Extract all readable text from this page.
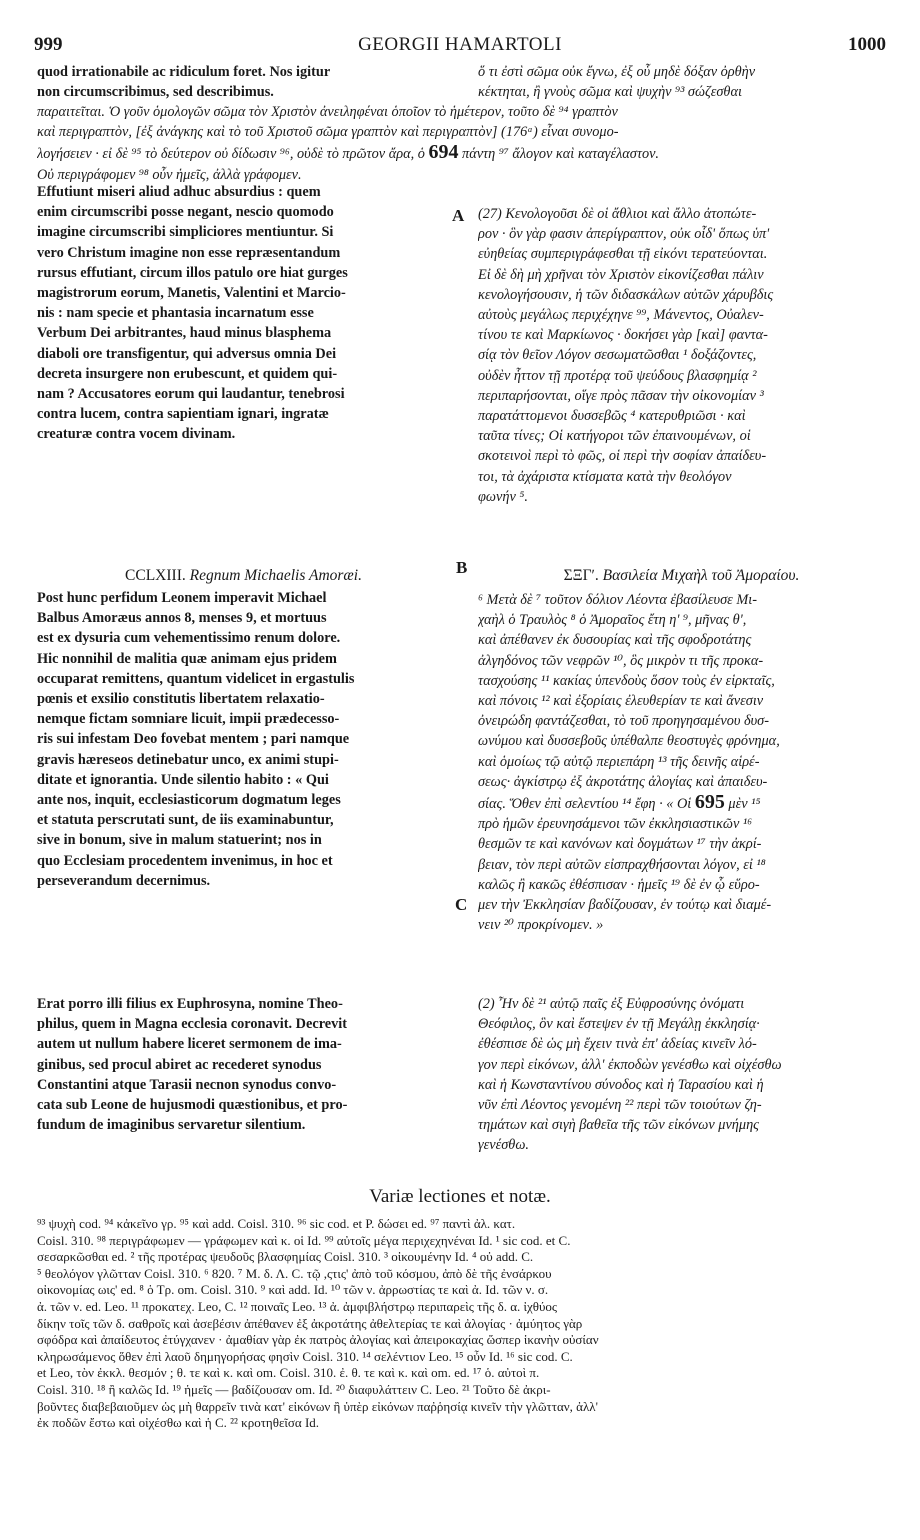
999	GEORGII HAMARTOLI	1000
quod irrationabile ac ridiculum foret. Nos igitur
non circumscribimus, sed describimus.
ὅ τι ἐστὶ σῶμα οὐκ ἔγνω, ἐξ οὗ μηδὲ δόξαν ὀρθὴν
κέκτηται, ἢ γνοὺς σῶμα καὶ ψυχὴν ⁹³ σώζεσθαι
παραιτεῖται. Ὁ γοῦν ὁμολογῶν σῶμα τὸν Χριστὸν ἀνειληφέναι ὁποῖον τὸ ἡμέτερον, τοῦτο δὲ ⁹⁴ γραπτὸν
καὶ περιγραπτὸν, [ἐξ ἀνάγκης καὶ τὸ τοῦ Χριστοῦ σῶμα γραπτὸν καὶ περιγραπτὸν] (176ᵃ) εἶναι συνομο-
λογήσειεν · εἰ δὲ ⁹⁵ τὸ δεύτερον οὐ δίδωσιν ⁹⁶, οὐδὲ τὸ πρῶτον ἄρα, ὁ 694 πάντη ⁹⁷ ἄλογον καὶ καταγέλαστον.
Οὐ περιγράφομεν ⁹⁸ οὖν ἡμεῖς, ἀλλὰ γράφομεν.
Effutiunt miseri aliud adhuc absurdius : quem
enim circumscribi posse negant, nescio quomodo
imagine circumscribi simpliciores mentiuntur. Si
vero Christum imagine non esse repræsentandum
rursus effutiant, circum illos patulo ore hiat gurges
magistrorum eorum, Manetis, Valentini et Marcio-
nis : nam specie et phantasia incarnatum esse
Verbum Dei arbitrantes, haud minus blasphema
diaboli ore transfigentur, qui adversus omnia Dei
decreta insurgere non erubescunt, et quidem qui-
nam ? Accusatores eorum qui laudantur, tenebrosi
contra lucem, contra sapientiam ignari, ingratæ
creaturæ contra vocem divinam.
A (27) Κενολογοῦσι δὲ οἱ ἄθλιοι καὶ ἄλλο ἀτοπώτε-
ρον · ὃν γὰρ φασιν ἀπερίγραπτον, οὐκ οἶδ' ὅπως ὑπ'
εὐηθείας συμπεριγράφεσθαι τῇ εἰκόνι τερατεύονται.
Εἰ δὲ δὴ μὴ χρῆναι τὸν Χριστὸν εἰκονίζεσθαι πάλιν
κενολογήσουσιν, ἡ τῶν διδασκάλων αὐτῶν χάρυβδις
αὐτοὺς μεγάλως περιχέχηνε ⁹⁹, Μάνεντος, Οὐαλεν-
τίνου τε καὶ Μαρκίωνος · δοκήσει γὰρ [καὶ] φαντα-
σίᾳ τὸν θεῖον Λόγον σεσωματῶσθαι ¹ δοξάζοντες,
οὐδὲν ἧττον τῇ προτέρᾳ τοῦ ψεύδους βλασφημίᾳ ²
περιπαρήσονται, οἵγε πρὸς πᾶσαν τὴν οἰκονομίαν ³
παρατάττομενοι δυσσεβῶς ⁴ κατερυθριῶσι · καὶ
ταῦτα τίνες; Οἱ κατήγοροι τῶν ἐπαινουμένων, οἱ
σκοτεινοὶ περὶ τὸ φῶς, οἱ περὶ τὴν σοφίαν ἀπαίδευ-
τοι, τὰ ἀχάριστα κτίσματα κατὰ τὴν θεολόγον
φωνήν ⁵.
CCLXIII. Regnum Michaelis Amoræi.	B	ΣΞΓʹ. Βασιλεία Μιχαὴλ τοῦ Ἀμοραίου.
Post hunc perfidum Leonem imperavit Michael
Balbus Amoræus annos 8, menses 9, et mortuus
est ex dysuria cum vehementissimo renum dolore.
Hic nonnihil de malitia quæ animam ejus pridem
occuparat remittens, quantum videlicet in ergastulis
pœnis et exsilio constitutis libertatem relaxatio-
nemque fictam somniare licuit, impii prædecesso-
ris sui infestam Deo fovebat mentem ; pari namque
gravis hæreseos detinebatur unco, ex animi stupi-
ditate et ignorantia. Unde silentio habito : « Qui
ante nos, inquit, ecclesiasticorum dogmatum leges
et statuta perscrutati sunt, de iis examinabuntur,
sive in bonum, sive in malum statuerint; nos in
quo Ecclesiam procedentem invenimus, in hoc et
perseverandum decernimus.
⁶ Μετὰ δὲ ⁷ τοῦτον δόλιον Λέοντα ἐβασίλευσε Μι-
χαὴλ ὁ Τραυλὸς ⁸ ὁ Ἀμοραῖος ἔτη η' ⁹, μῆνας θ',
καὶ ἀπέθανεν ἐκ δυσουρίας καὶ τῆς σφοδροτάτης
ἀλγηδόνος τῶν νεφρῶν ¹⁰, ὃς μικρὸν τι τῆς προκα-
τασχούσης ¹¹ κακίας ὑπενδοὺς ὅσον τοὺς ἐν εἱρκταῖς,
καὶ πόνοις ¹² καὶ ἐξορίαις ἐλευθερίαν τε καὶ ἄνεσιν
ὀνειρώδη φαντάζεσθαι, τὸ τοῦ προηγησαμένου δυσ-
ωνύμου καὶ δυσσεβοῦς ὑπέθαλπε θεοστυγὲς φρόνημα,
καὶ ὁμοίως τῷ αὐτῷ περιεπάρη ¹³ τῆς δεινῆς αἱρέ-
σεως· ἀγκίστρῳ ἐξ ἀκροτάτης ἀλογίας καὶ ἀπαιδευ-
σίας. Ὅθεν ἐπὶ σελεντίου ¹⁴ ἔφη · « Οἱ 695 μὲν ¹⁵
πρὸ ἡμῶν ἐρευνησάμενοι τῶν ἐκκλησιαστικῶν ¹⁶
θεσμῶν τε καὶ κανόνων καὶ δογμάτων ¹⁷ τὴν ἀκρί-
βειαν, τὸν περὶ αὐτῶν εἰσπραχθήσονται λόγον, εἰ ¹⁸
καλῶς ἢ κακῶς ἐθέσπισαν · ἡμεῖς ¹⁹ δὲ ἐν ᾧ εὕρο-
μεν τὴν Ἐκκλησίαν βαδίζουσαν, ἐν τούτῳ καὶ διαμέ-
νειν ²⁰ προκρίνομεν. »
C
Erat porro illi filius ex Euphrosyna, nomine Theo-
philus, quem in Magna ecclesia coronavit. Decrevit
autem ut nullum habere liceret sermonem de ima-
ginibus, sed procul abiret ac recederet synodus
Constantini atque Tarasii necnon synodus convo-
cata sub Leone de hujusmodi quæstionibus, et pro-
fundum de imaginibus servaretur silentium.
(2) Ἦν δὲ ²¹ αὐτῷ παῖς ἐξ Εὐφροσύνης ὀνόματι
Θεόφιλος, ὃν καὶ ἔστεψεν ἐν τῇ Μεγάλῃ ἐκκλησίᾳ·
ἐθέσπισε δὲ ὡς μὴ ἔχειν τινὰ ἐπ' ἀδείας κινεῖν λό-
γον περὶ εἰκόνων, ἀλλ' ἐκποδὼν γενέσθω καὶ οἰχέσθω
καὶ ἡ Κωνσταντίνου σύνοδος καὶ ἡ Ταρασίου καὶ ἡ
νῦν ἐπὶ Λέοντος γενομένη ²² περὶ τῶν τοιούτων ζη-
τημάτων καὶ σιγὴ βαθεῖα τῆς τῶν εἰκόνων μνήμης
γενέσθω.
Variæ lectiones et notæ.
⁹³ ψυχὴ cod. ⁹⁴ κἀκεῖνο γρ. ⁹⁵ καὶ add. Coisl. 310. ⁹⁶ sic cod. et P. δώσει ed. ⁹⁷ παντὶ ἀλ. κατ.
Coisl. 310. ⁹⁸ περιγράφωμεν — γράφωμεν καὶ κ. οἱ Id. ⁹⁹ αὐτοῖς μέγα περιχεχηνέναι Id. ¹ sic cod. et C.
σεσαρκῶσθαι ed. ² τῆς προτέρας ψευδοῦς βλασφημίας Coisl. 310. ³ οἰκουμένην Id. ⁴ οὐ add. C.
⁵ θεολόγον γλῶτταν Coisl. 310. ⁶ 820. ⁷ Μ. δ. Λ. C. τῷ ,ςτις' ἀπὸ τοῦ κόσμου, ἀπὸ δὲ τῆς ἐνσάρκου
οἰκονομίας ωις' ed. ⁸ ὁ Τρ. om. Coisl. 310. ⁹ καὶ add. Id. ¹⁰ τῶν ν. ἀρρωστίας τε καὶ ἀ. Id. τῶν ν. σ.
ἀ. τῶν ν. ed. Leo. ¹¹ προκατεχ. Leo, C. ¹² ποιναῖς Leo. ¹³ ἀ. ἀμφιβλήστρῳ περιπαρεὶς τῆς δ. α. ἰχθύος
δίκην τοῖς τῶν δ. σαθροῖς καὶ ἀσεβέσιν ἀπέθανεν ἐξ ἀκροτάτης ἀθελτερίας τε καὶ ἀλογίας · ἀμύητος γὰρ
σφόδρα καὶ ἀπαίδευτος ἐτύγχανεν · ἀμαθίαν γὰρ ἐκ πατρὸς ἀλογίας καὶ ἀπειροκαχίας ὥσπερ ἱκανὴν οὐσίαν
κληρωσάμενος ὅθεν ἐπὶ λαοῦ δημηγορήσας φησὶν Coisl. 310. ¹⁴ σελέντιον Leo. ¹⁵ οὖν Id. ¹⁶ sic cod. C.
et Leo, τὸν ἐκκλ. θεσμόν ; θ. τε καὶ κ. καὶ om. Coisl. 310. ἐ. θ. τε καὶ κ. καὶ om. ed. ¹⁷ ὁ. αὐτοὶ π.
Coisl. 310. ¹⁸ ἢ καλῶς Id. ¹⁹ ἡμεῖς — βαδίζουσαν om. Id. ²⁰ διαφυλάττειν C. Leo. ²¹ Τοῦτο δὲ ἀκρι-
βοῦντες διαβεβαιοῦμεν ὡς μὴ θαρρεῖν τινὰ κατ' εἰκόνων ἢ ὑπὲρ εἰκόνων παῤῥησίᾳ κινεῖν τὴν γλῶτταν, ἀλλ'
ἐκ ποδῶν ἔστω καὶ οἰχέσθω καὶ ἡ C. ²² κροτηθεῖσα Id.
